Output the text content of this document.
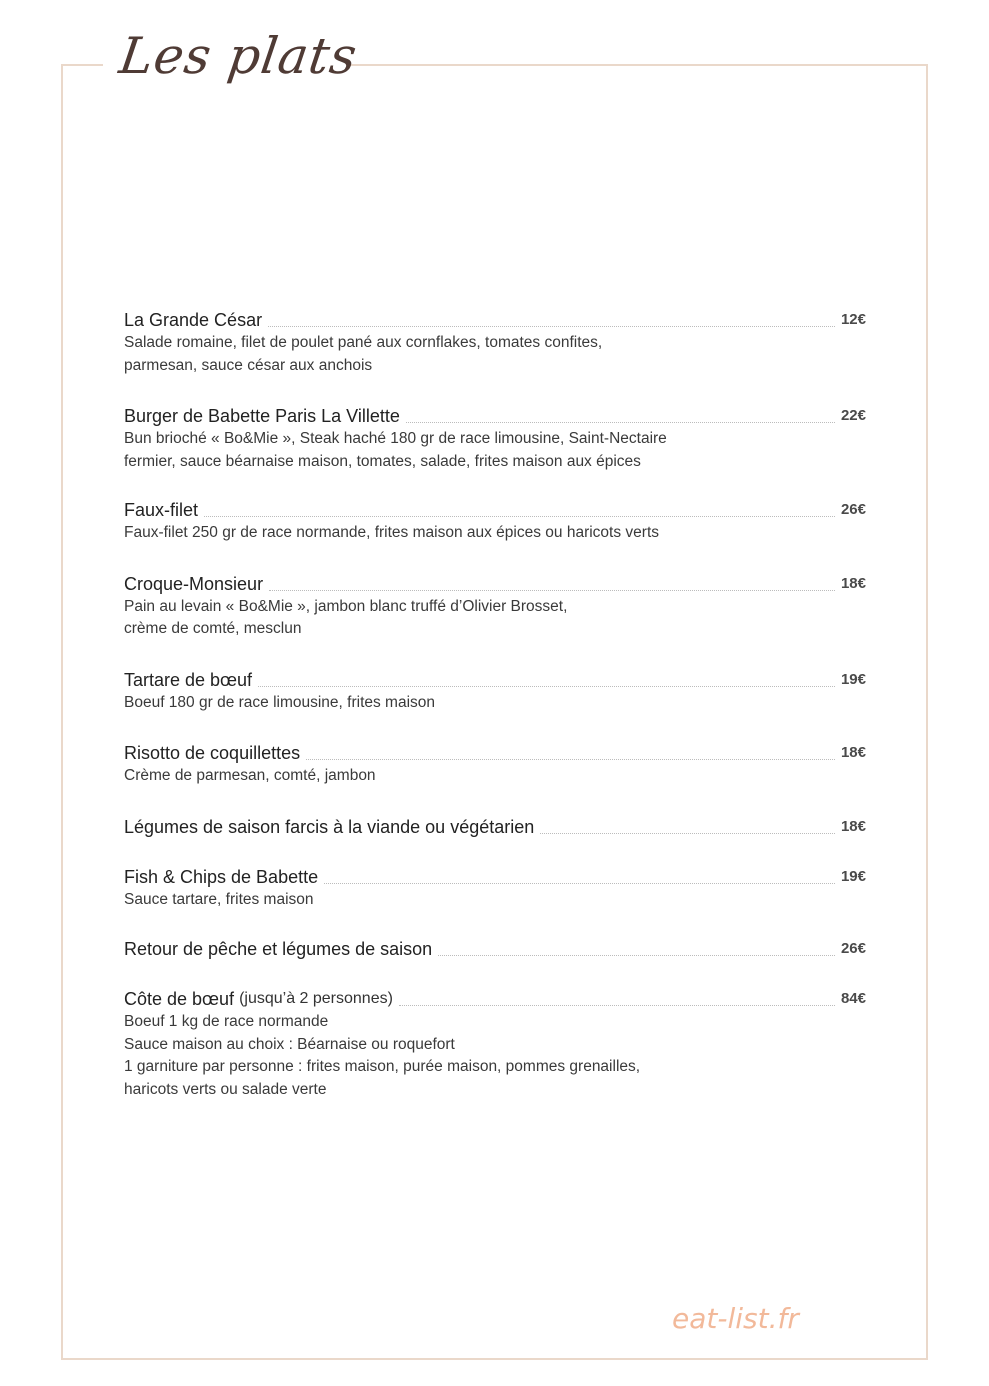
Les plats
La Grande César	12€
Salade romaine, filet de poulet pané aux cornflakes, tomates confites,
parmesan, sauce césar aux anchois
Burger de Babette Paris La Villette	22€
Bun brioché « Bo&Mie », Steak haché 180 gr de race limousine, Saint-Nectaire
fermier, sauce béarnaise maison, tomates, salade, frites maison aux épices
Faux-filet	26€
Faux-filet 250 gr de race normande, frites maison aux épices ou haricots verts
Croque-Monsieur	18€
Pain au levain « Bo&Mie », jambon blanc truffé d’Olivier Brosset,
crème de comté, mesclun
Tartare de bœuf	19€
Boeuf 180 gr de race limousine, frites maison
Risotto de coquillettes	18€
Crème de parmesan, comté, jambon
Légumes de saison farcis à la viande ou végétarien	18€
Fish & Chips de Babette	19€
Sauce tartare, frites maison
Retour de pêche et légumes de saison	26€
Côte de bœuf (jusqu’à 2 personnes)	84€
Boeuf 1 kg de race normande
Sauce maison au choix : Béarnaise ou roquefort
1 garniture par personne : frites maison, purée maison, pommes grenailles,
haricots verts ou salade verte
eat-list.fr
